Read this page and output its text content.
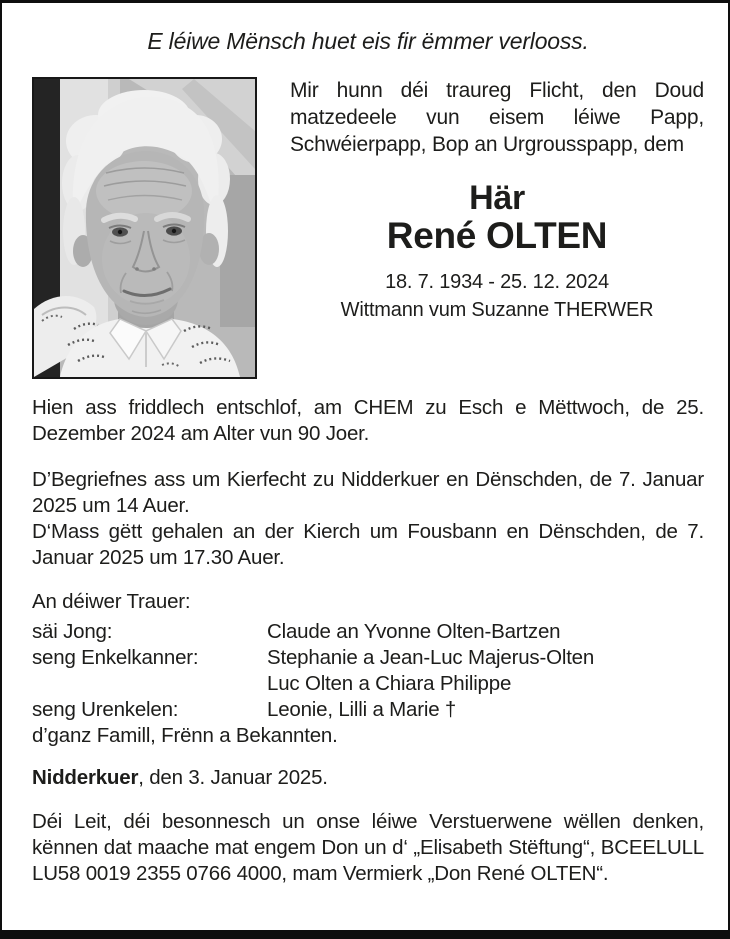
E léiwe Mënsch huet eis fir ëmmer verlooss.

Mir hunn déi traureg Flicht, den Doud matzedeele vun eisem léiwe Papp, Schwéierpapp, Bop an Urgrousspapp, dem

Här
René OLTEN
18. 7. 1934 - 25. 12. 2024
Wittmann vum Suzanne THERWER

Hien ass friddlech entschlof, am CHEM zu Esch e Mëttwoch, de 25. Dezember 2024 am Alter vun 90 Joer.

D’Begriefnes ass um Kierfecht zu Nidderkuer en Dënschden, de 7. Januar 2025 um 14 Auer.

D‘Mass gëtt gehalen an der Kierch um Fousbann en Dënschden, de 7. Januar 2025 um 17.30 Auer.

An déiwer Trauer:
säi Jong:	Claude an Yvonne Olten-Bartzen
seng Enkelkanner:	Stephanie a Jean-Luc Majerus-Olten
Luc Olten a Chiara Philippe
seng Urenkelen:	Leonie, Lilli a Marie †
d’ganz Famill, Frënn a Bekannten.
Nidderkuer, den 3. Januar 2025.

Déi Leit, déi besonnesch un onse léiwe Verstuerwene wëllen denken, kënnen dat maache mat engem Don un d‘ „Elisabeth Stëftung“, BCEELULL LU58 0019 2355 0766 4000, mam Vermierk „Don René OLTEN“.
